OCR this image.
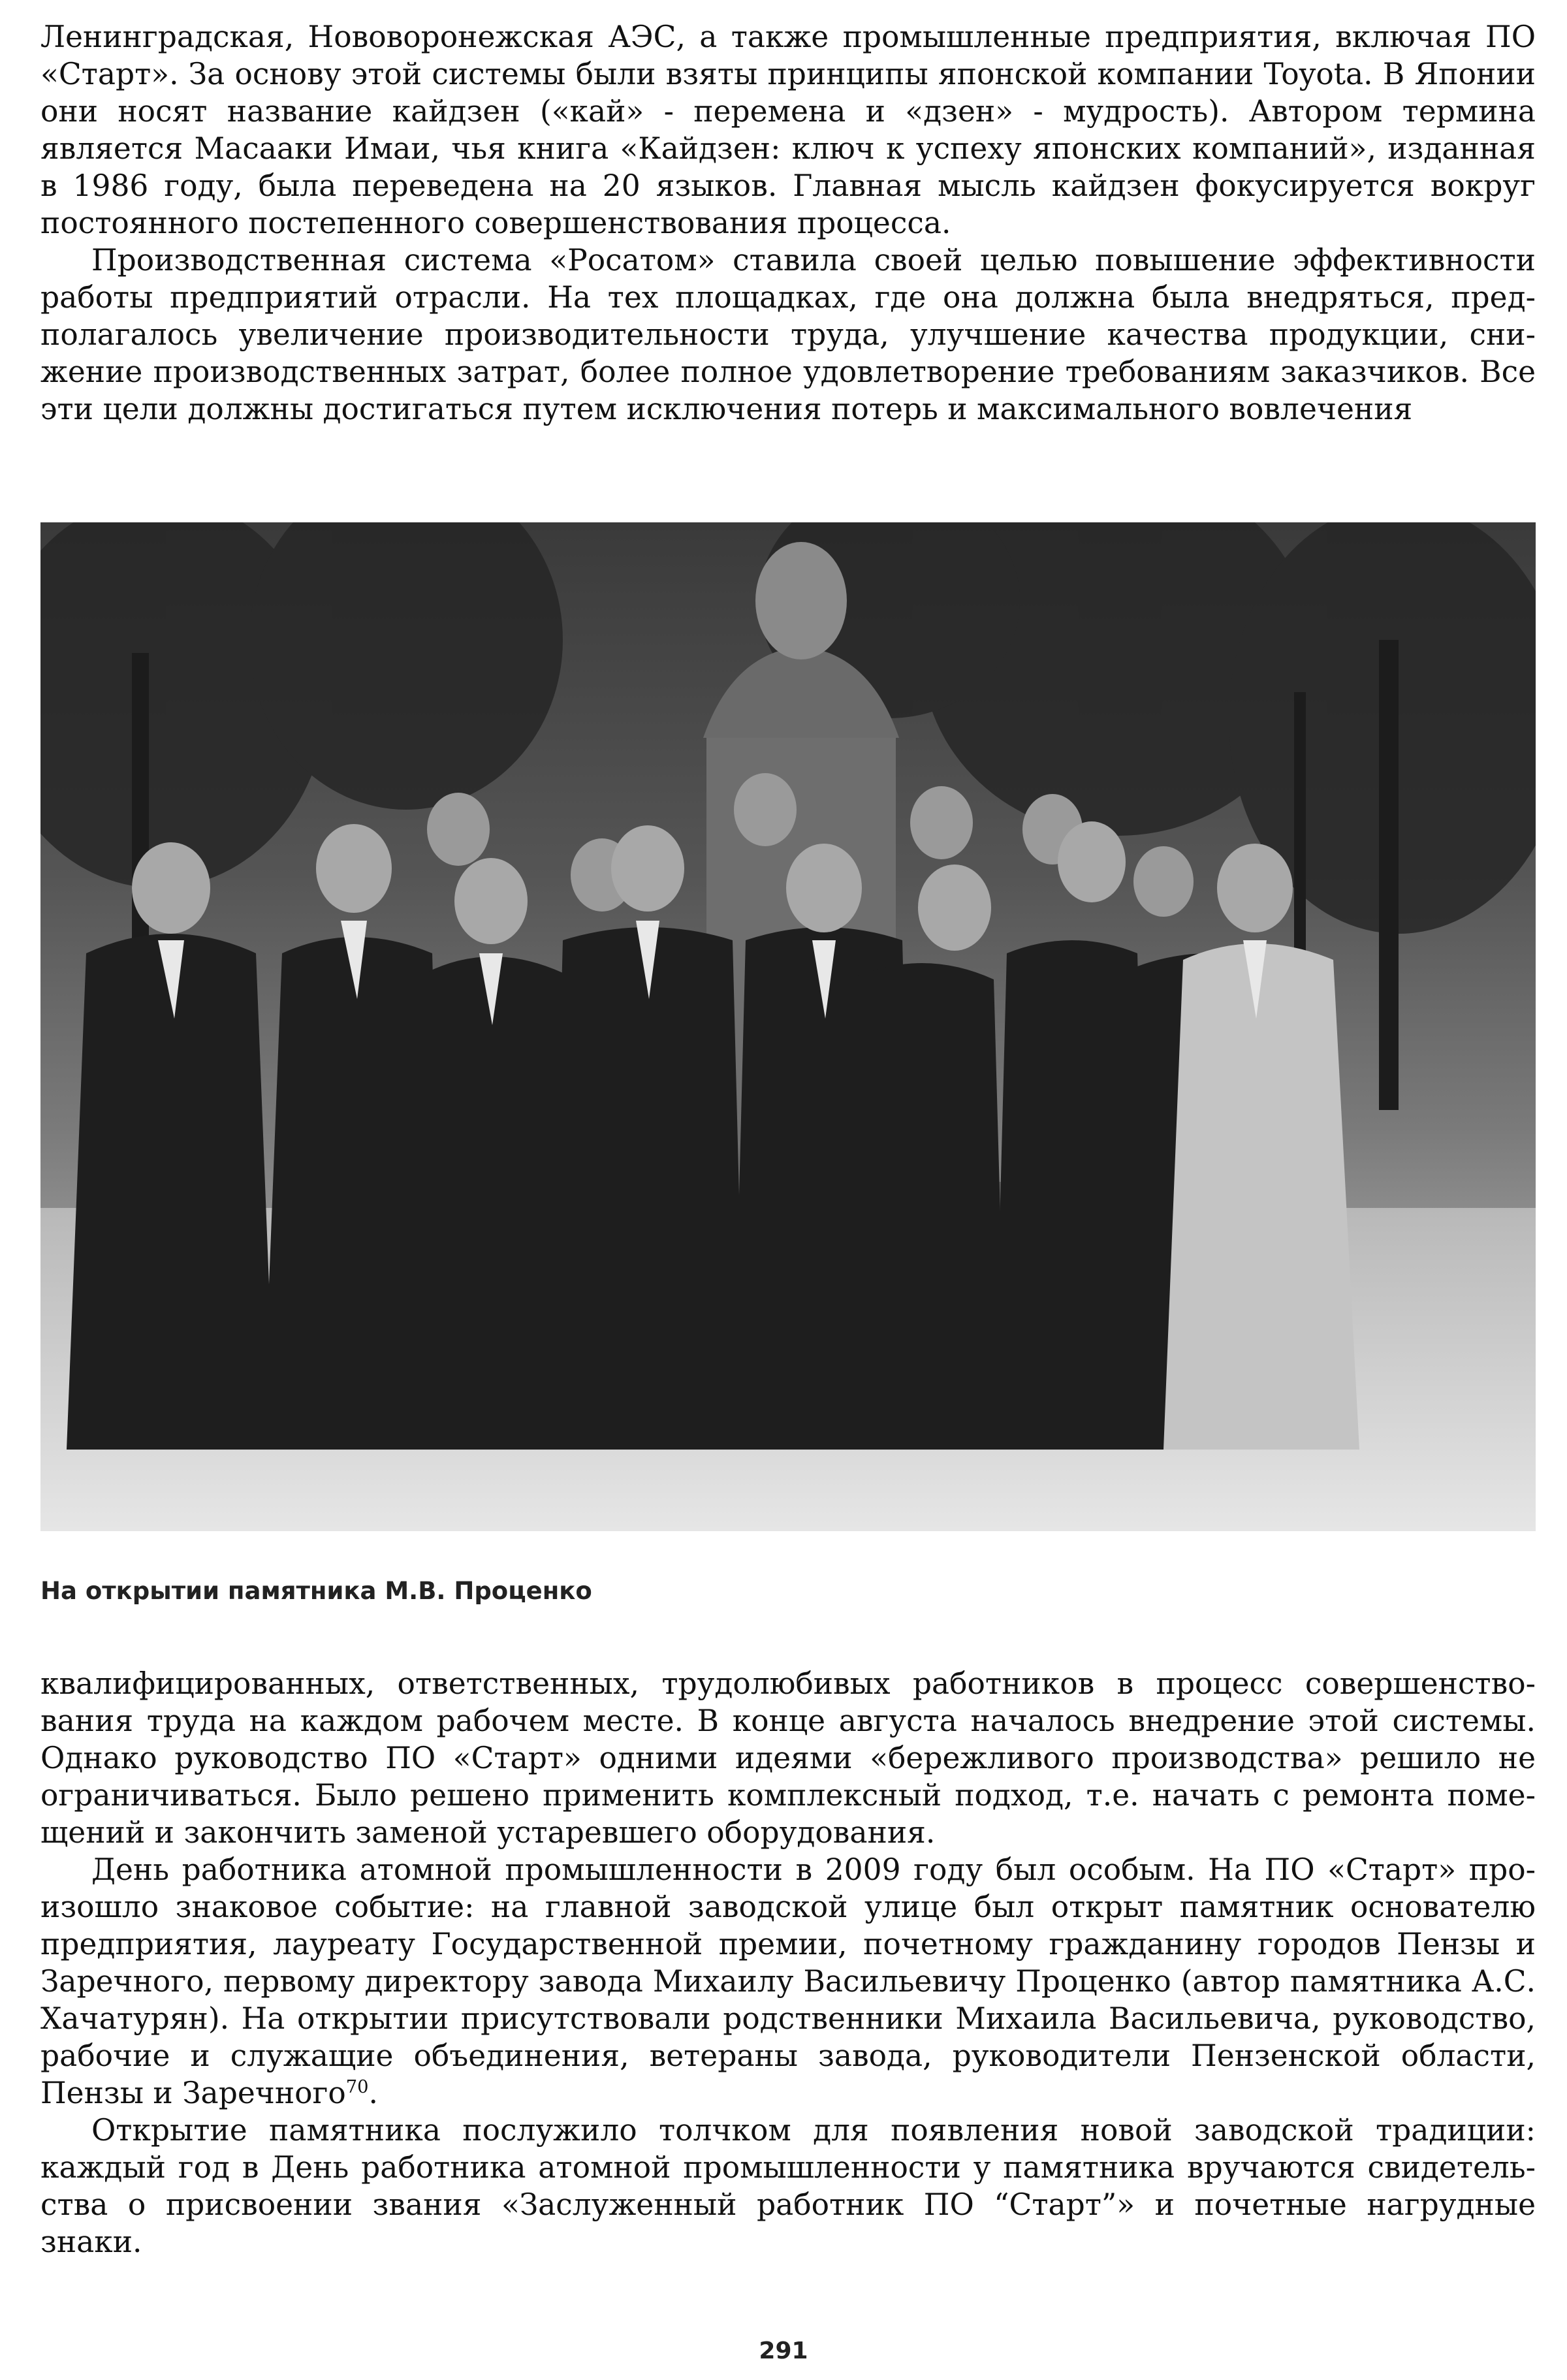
Ленинградская, Нововоронежская АЭС, а также промышленные предприятия, включая ПО «Старт». За основу этой системы были взяты принципы японской компании Toyota. В Японии они носят название кайдзен («кай» - перемена и «дзен» - мудрость). Автором термина является Масааки Имаи, чья книга «Кайдзен: ключ к успеху японских компаний», изданная в 1986 году, была переведена на 20 языков. Главная мысль кайдзен фокусируется вокруг постоянного постепенного совершенствования процесса.

Производственная система «Росатом» ставила своей целью повышение эффективности работы предприятий отрасли. На тех площадках, где она должна была внедряться, предполагалось увеличение производительности труда, улучшение качества продукции, снижение производственных затрат, более полное удовлетворение требованиям заказчиков. Все эти цели должны достигаться путем исключения потерь и максимального вовлечения

На открытии памятника М.В. Проценко

квалифицированных, ответственных, трудолюбивых работников в процесс совершенствования труда на каждом рабочем месте. В конце августа началось внедрение этой системы. Однако руководство ПО «Старт» одними идеями «бережливого производства» решило не ограничиваться. Было решено применить комплексный подход, т.е. начать с ремонта помещений и закончить заменой устаревшего оборудования.

День работника атомной промышленности в 2009 году был особым. На ПО «Старт» произошло знаковое событие: на главной заводской улице был открыт памятник основателю предприятия, лауреату Государственной премии, почетному гражданину городов Пензы и Заречного, первому директору завода Михаилу Васильевичу Проценко (автор памятника А.С. Хачатурян). На открытии присутствовали родственники Михаила Васильевича, руководство, рабочие и служащие объединения, ветераны завода, руководители Пензенской области, Пензы и Заречного$^{70}$.

Открытие памятника послужило толчком для появления новой заводской традиции: каждый год в День работника атомной промышленности у памятника вручаются свидетельства о присвоении звания «Заслуженный работник ПО “Старт”» и почетные нагрудные знаки.

291
